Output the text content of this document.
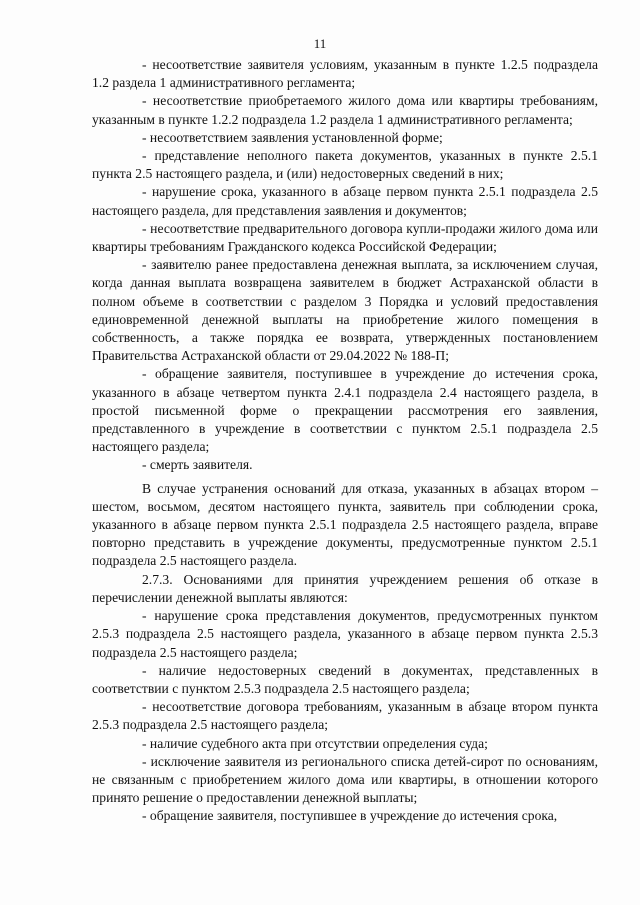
11

- несоответствие заявителя условиям, указанным в пункте 1.2.5 подраздела 1.2 раздела 1 административного регламента;

- несоответствие приобретаемого жилого дома или квартиры требованиям, указанным в пункте 1.2.2 подраздела 1.2 раздела 1 административного регламента;

- несоответствием заявления установленной форме;

- представление неполного пакета документов, указанных в пункте 2.5.1 пункта 2.5 настоящего раздела, и (или) недостоверных сведений в них;

- нарушение срока, указанного в абзаце первом пункта 2.5.1 подраздела 2.5 настоящего раздела, для представления заявления и документов;

- несоответствие предварительного договора купли-продажи жилого дома или квартиры требованиям Гражданского кодекса Российской Федерации;

- заявителю ранее предоставлена денежная выплата, за исключением случая, когда данная выплата возвращена заявителем в бюджет Астраханской области в полном объеме в соответствии с разделом 3 Порядка и условий предоставления единовременной денежной выплаты на приобретение жилого помещения в собственность, а также порядка ее возврата, утвержденных постановлением Правительства Астраханской области от 29.04.2022 № 188-П;

- обращение заявителя, поступившее в учреждение до истечения срока, указанного в абзаце четвертом пункта 2.4.1 подраздела 2.4 настоящего раздела, в простой письменной форме о прекращении рассмотрения его заявления, представленного в учреждение в соответствии с пунктом 2.5.1 подраздела 2.5 настоящего раздела;

- смерть заявителя.

В случае устранения оснований для отказа, указанных в абзацах втором – шестом, восьмом, десятом настоящего пункта, заявитель при соблюдении срока, указанного в абзаце первом пункта 2.5.1 подраздела 2.5 настоящего раздела, вправе повторно представить в учреждение документы, предусмотренные пунктом 2.5.1 подраздела 2.5 настоящего раздела.

2.7.3. Основаниями для принятия учреждением решения об отказе в перечислении денежной выплаты являются:

- нарушение срока представления документов, предусмотренных пунктом 2.5.3 подраздела 2.5 настоящего раздела, указанного в абзаце первом пункта 2.5.3 подраздела 2.5 настоящего раздела;

- наличие недостоверных сведений в документах, представленных в соответствии с пунктом 2.5.3 подраздела 2.5 настоящего раздела;

- несоответствие договора требованиям, указанным в абзаце втором пункта 2.5.3 подраздела 2.5 настоящего раздела;

- наличие судебного акта при отсутствии определения суда;

- исключение заявителя из регионального списка детей-сирот по основаниям, не связанным с приобретением жилого дома или квартиры, в отношении которого принято решение о предоставлении денежной выплаты;

- обращение заявителя, поступившее в учреждение до истечения срока,
